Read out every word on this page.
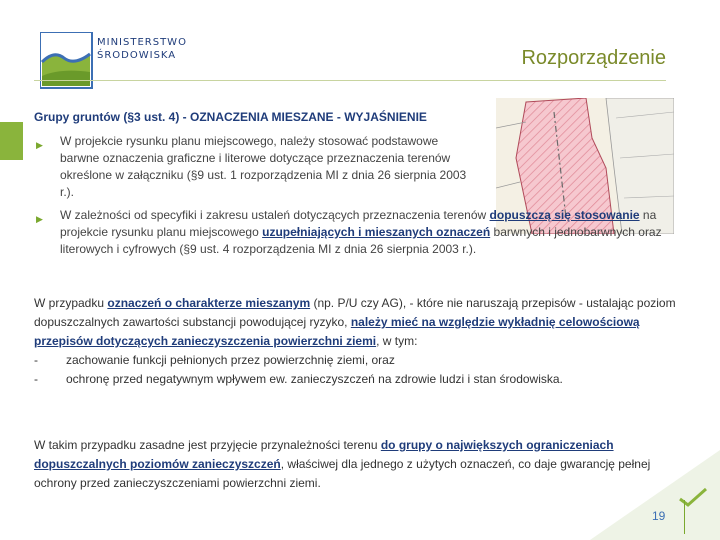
MINISTERSTWO
ŚRODOWISKA	Rozporządzenie
Grupy gruntów (§3 ust. 4) - OZNACZENIA MIESZANE - WYJAŚNIENIE
▶ W projekcie rysunku planu miejscowego, należy stosować podstawowe barwne oznaczenia graficzne i literowe dotyczące przeznaczenia terenów określone w załączniku (§9 ust. 1 rozporządzenia MI z dnia 26 sierpnia 2003 r.).
▶ W zależności od specyfiki i zakresu ustaleń dotyczących przeznaczenia terenów dopuszczą się stosowanie na projekcie rysunku planu miejscowego uzupełniających i mieszanych oznaczeń barwnych i jednobarwnych oraz literowych i cyfrowych (§9 ust. 4 rozporządzenia MI z dnia 26 sierpnia 2003 r.).
W przypadku oznaczeń o charakterze mieszanym (np. P/U czy AG), - które nie naruszają przepisów - ustalając poziom dopuszczalnych zawartości substancji powodującej ryzyko, należy mieć na względzie wykładnię celowościową przepisów dotyczących zanieczyszczenia powierzchni ziemi, w tym:
- zachowanie funkcji pełnionych przez powierzchnię ziemi, oraz
- ochronę przed negatywnym wpływem ew. zanieczyszczeń na zdrowie ludzi i stan środowiska.
W takim przypadku zasadne jest przyjęcie przynależności terenu do grupy o największych ograniczeniach dopuszczalnych poziomów zanieczyszczeń, właściwej dla jednego z użytych oznaczeń, co daje gwarancję pełnej ochrony przed zanieczyszczeniami powierzchni ziemi.
19
